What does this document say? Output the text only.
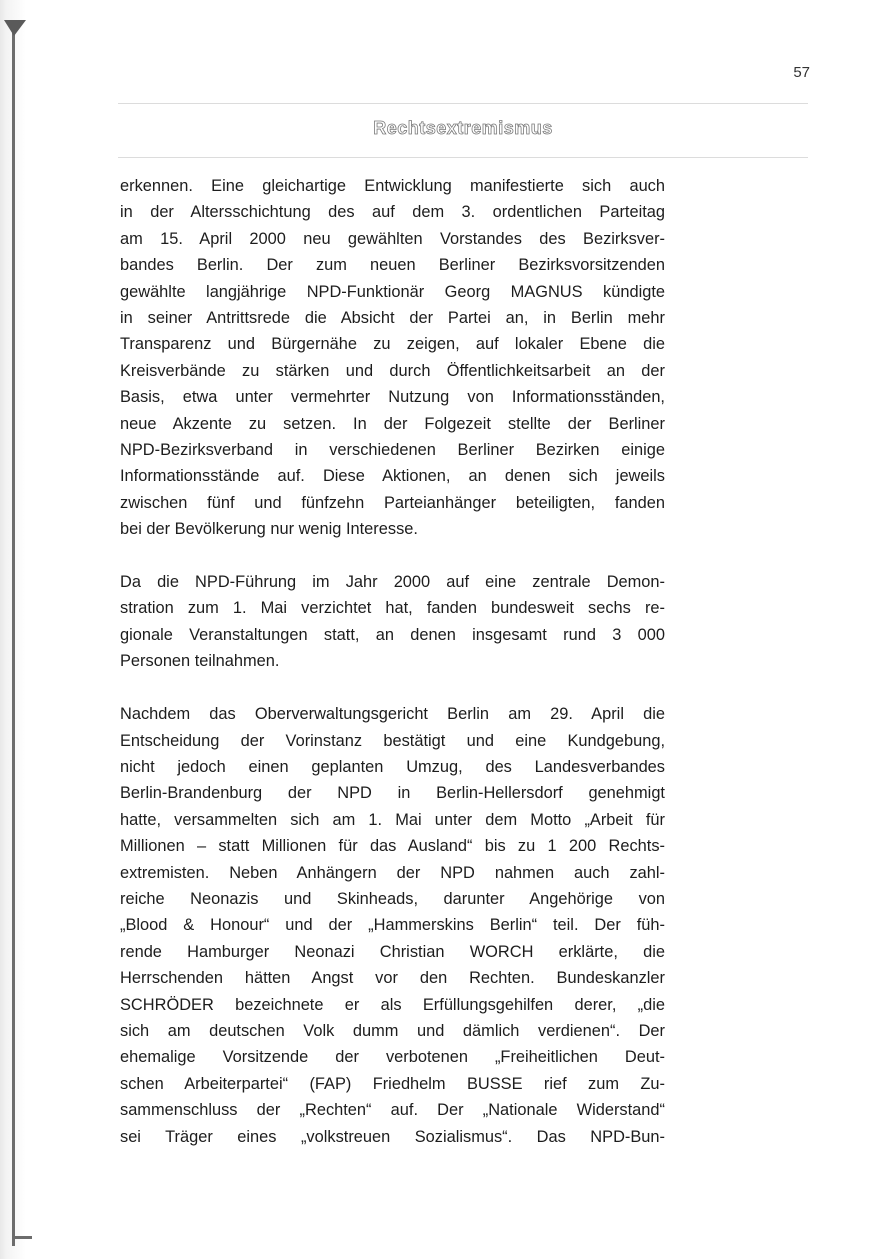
57
Rechtsextremismus
erkennen. Eine gleichartige Entwicklung manifestierte sich auch
in der Altersschichtung des auf dem 3. ordentlichen Parteitag
am 15. April 2000 neu gewählten Vorstandes des Bezirksver-
bandes Berlin. Der zum neuen Berliner Bezirksvorsitzenden
gewählte langjährige NPD-Funktionär Georg MAGNUS kündigte
in seiner Antrittsrede die Absicht der Partei an, in Berlin mehr
Transparenz und Bürgernähe zu zeigen, auf lokaler Ebene die
Kreisverbände zu stärken und durch Öffentlichkeitsarbeit an der
Basis, etwa unter vermehrter Nutzung von Informationsständen,
neue Akzente zu setzen. In der Folgezeit stellte der Berliner
NPD-Bezirksverband in verschiedenen Berliner Bezirken einige
Informationsstände auf. Diese Aktionen, an denen sich jeweils
zwischen fünf und fünfzehn Parteianhänger beteiligten, fanden
bei der Bevölkerung nur wenig Interesse.
Da die NPD-Führung im Jahr 2000 auf eine zentrale Demon-
stration zum 1. Mai verzichtet hat, fanden bundesweit sechs re-
gionale Veranstaltungen statt, an denen insgesamt rund 3 000
Personen teilnahmen.
Nachdem das Oberverwaltungsgericht Berlin am 29. April die
Entscheidung der Vorinstanz bestätigt und eine Kundgebung,
nicht jedoch einen geplanten Umzug, des Landesverbandes
Berlin-Brandenburg der NPD in Berlin-Hellersdorf genehmigt
hatte, versammelten sich am 1. Mai unter dem Motto „Arbeit für
Millionen – statt Millionen für das Ausland“ bis zu 1 200 Rechts-
extremisten. Neben Anhängern der NPD nahmen auch zahl-
reiche Neonazis und Skinheads, darunter Angehörige von
„Blood & Honour“ und der „Hammerskins Berlin“ teil. Der füh-
rende Hamburger Neonazi Christian WORCH erklärte, die
Herrschenden hätten Angst vor den Rechten. Bundeskanzler
SCHRÖDER bezeichnete er als Erfüllungsgehilfen derer, „die
sich am deutschen Volk dumm und dämlich verdienen“. Der
ehemalige Vorsitzende der verbotenen „Freiheitlichen Deut-
schen Arbeiterpartei“ (FAP) Friedhelm BUSSE rief zum Zu-
sammenschluss der „Rechten“ auf. Der „Nationale Widerstand“
sei Träger eines „volkstreuen Sozialismus“. Das NPD-Bun-
